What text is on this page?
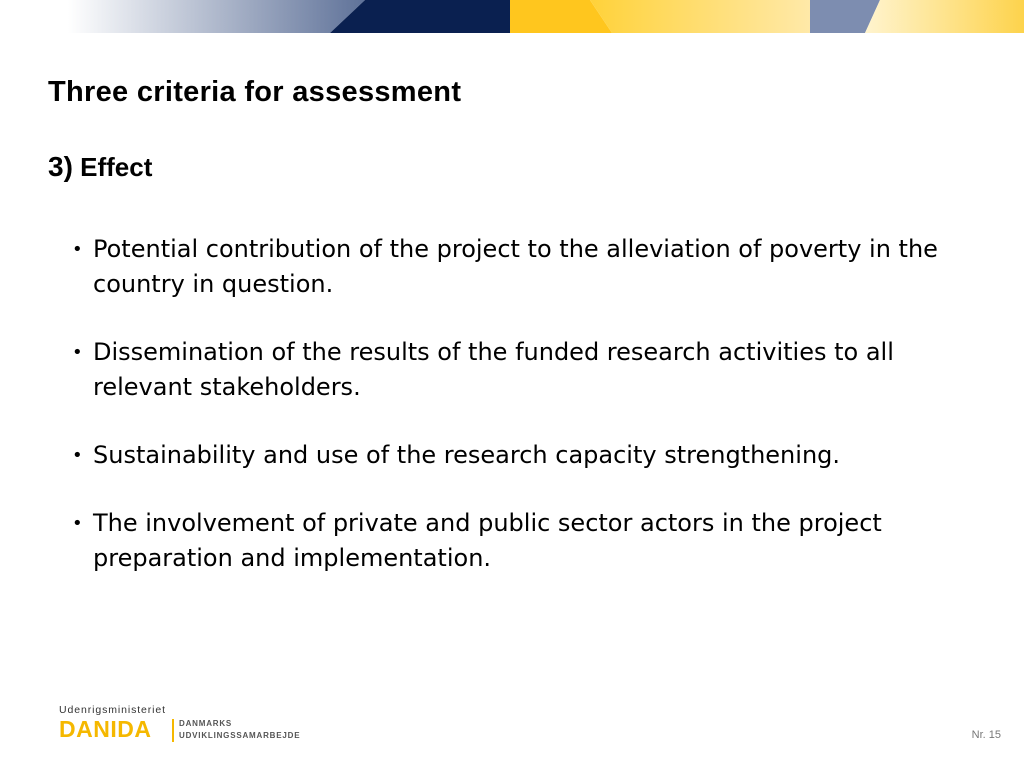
Three criteria for assessment
3) Effect
• Potential contribution of the project to the alleviation of poverty in the country in question.
• Dissemination of the results of the funded research activities to all relevant stakeholders.
• Sustainability and use of the research capacity strengthening.
• The involvement of private and public sector actors in the project preparation and implementation.
Udenrigsministeriet
DANIDA	DANMARKS
UDVIKLINGSSAMARBEJDE	Nr. 15
